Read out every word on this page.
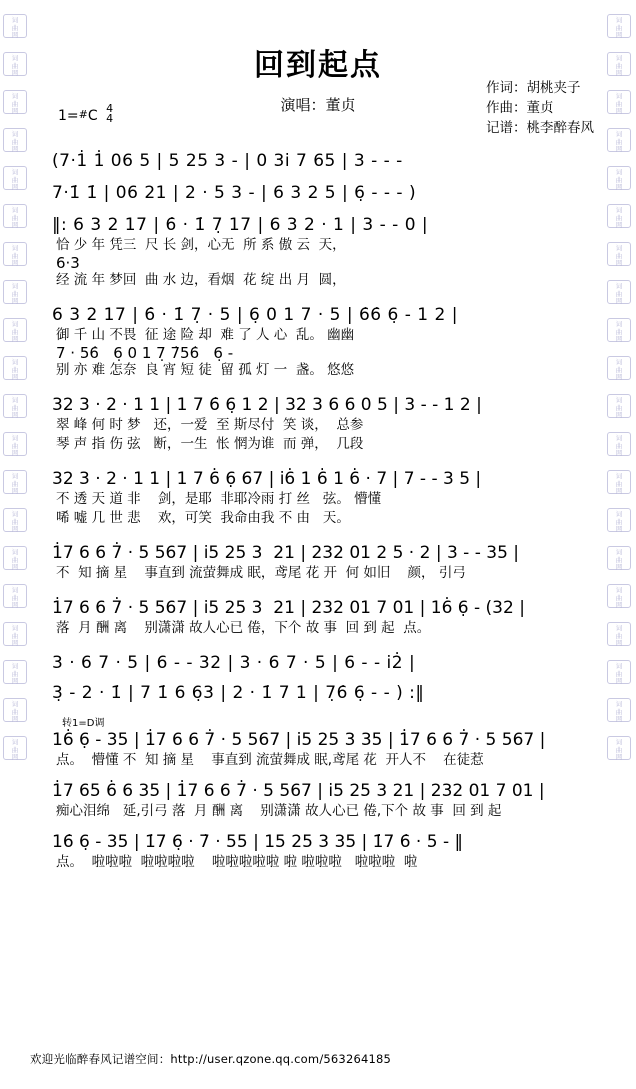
词
曲
网
词
曲
网
词
曲
网
词
曲
网
词
曲
网
词
曲
网
词
曲
网
词
曲
网
词
曲
网
词
曲
网
词
曲
网
词
曲
网
词
曲
网
词
曲
网
词
曲
网
词
曲
网
词
曲
网
词
曲
网
词
曲
网
词
曲
网
词
曲
网
词
曲
网
词
曲
网
词
曲
网
词
曲
网
词
曲
网
词
曲
网
词
曲
网
词
曲
网
词
曲
网
词
曲
网
词
曲
网
词
曲
网
词
曲
网
词
曲
网
词
曲
网
词
曲
网
词
曲
网
词
曲
网
词
曲
网
回到起点
演唱：董贞
作词：胡桃夹子
作曲：董贞
记谱：桃李醉春风
1=#C 4
4
(7·1̇ 1̇ 06 5 | 5 25 3 - | 0 3i 7 65 | 3 - - -
7·1̇ 1̇ | 06 21 | 2 · 5 3 - | 6 3 2 5 | 6̣ - - - )
‖: 6 3 2 17 | 6̇ · 1̇ 7̣ 17 | 6 3 2 · 1 | 3 - - 0 |
恰 少 年 凭三  尺 长 剑，心无  所 系 傲 云  天，
6·3
经 流 年 梦回  曲 水 边，看烟  花 绽 出 月  圆，
6 3 2 17 | 6̇ · 1̇ 7̣ · 5 | 6̣ 0 1 7 · 5 | 6̇6̇ 6̣ - 1 2 |
御 千 山 不畏  征 途 险 却  难 了 人 心  乱。 幽幽
7 · 56̇   6̣ 0 1 7̣ 7̇56̇   6̣ -
别 亦 难 怎奈  良 宵 短 徒  留 孤 灯 一  盏。 悠悠
32 3 · 2 · 1 1 | 1 7 6̇ 6̣ 1 2 | 32 3 6 6 0 5 | 3 - - 1 2 |
翠 峰 何 时 梦   还，一爱  至 斯尽付  笑 谈，  总参
琴 声 指 伤 弦   断，一生  怅 惘为谁  而 弹，  几段
32 3 · 2 · 1 1 | 1 7 6̇ 6̣ 67 | i6̇ 1 6̇ 1 6̇ · 7 | 7 - - 3 5 |
不 透 天 道 非    剑，是耶  非耶冷雨 打 丝   弦。 懵懂
唏 嘘 几 世 悲    欢，可笑  我命由我 不 由   天。
1̇7 6 6 7̇ · 5 567 | i5 25 3  21 | 232 01 2 5 · 2 | 3 - - 35 |
不  知 摘 星    事直到 流萤舞成 眠，鸢尾 花 开  何 如旧    颜， 引弓
1̇7 6 6 7̇ · 5 567 | i5 25 3  21 | 232 01 7 01 | 16̇ 6̣ - (32 |
落  月 酬 离    别潇潇 故人心已 倦，下个 故 事  回 到 起  点。
3 · 6 7 · 5 | 6 - - 32 | 3 · 6 7 · 5 | 6 - - i2̇ |
3̣ - 2 · 1̇ | 7 1̇ 6 6̣3 | 2 · 1̇ 7 1 | 7̣6̇ 6̣ - - ) :‖
转1=D调
16̇ 6̣ - 35 | 1̇7 6 6 7̇ · 5 567 | i5 25 3 35 | 1̇7 6 6 7̇ · 5 567 |
点。  懵懂 不  知 摘 星    事直到 流萤舞成 眠,鸢尾 花  开人不    在徒惹
1̇7 65 6̇ 6 35 | 1̇7 6 6 7̇ · 5 567 | i5 25 3 21 | 232 01 7 01 |
痴心泪绵   延,引弓 落  月 酬 离    别潇潇 故人心已 倦,下个 故 事  回 到 起
16̇ 6̣ - 35 | 1̇7 6̣ · 7̇ · 55 | 15 25 3 35 | 1̇7 6̇ · 5 - ‖
点。  啦啦啦  啦啦啦啦    啦啦啦啦啦 啦 啦啦啦   啦啦啦  啦
欢迎光临醉春风记谱空间：http://user.qzone.qq.com/563264185
